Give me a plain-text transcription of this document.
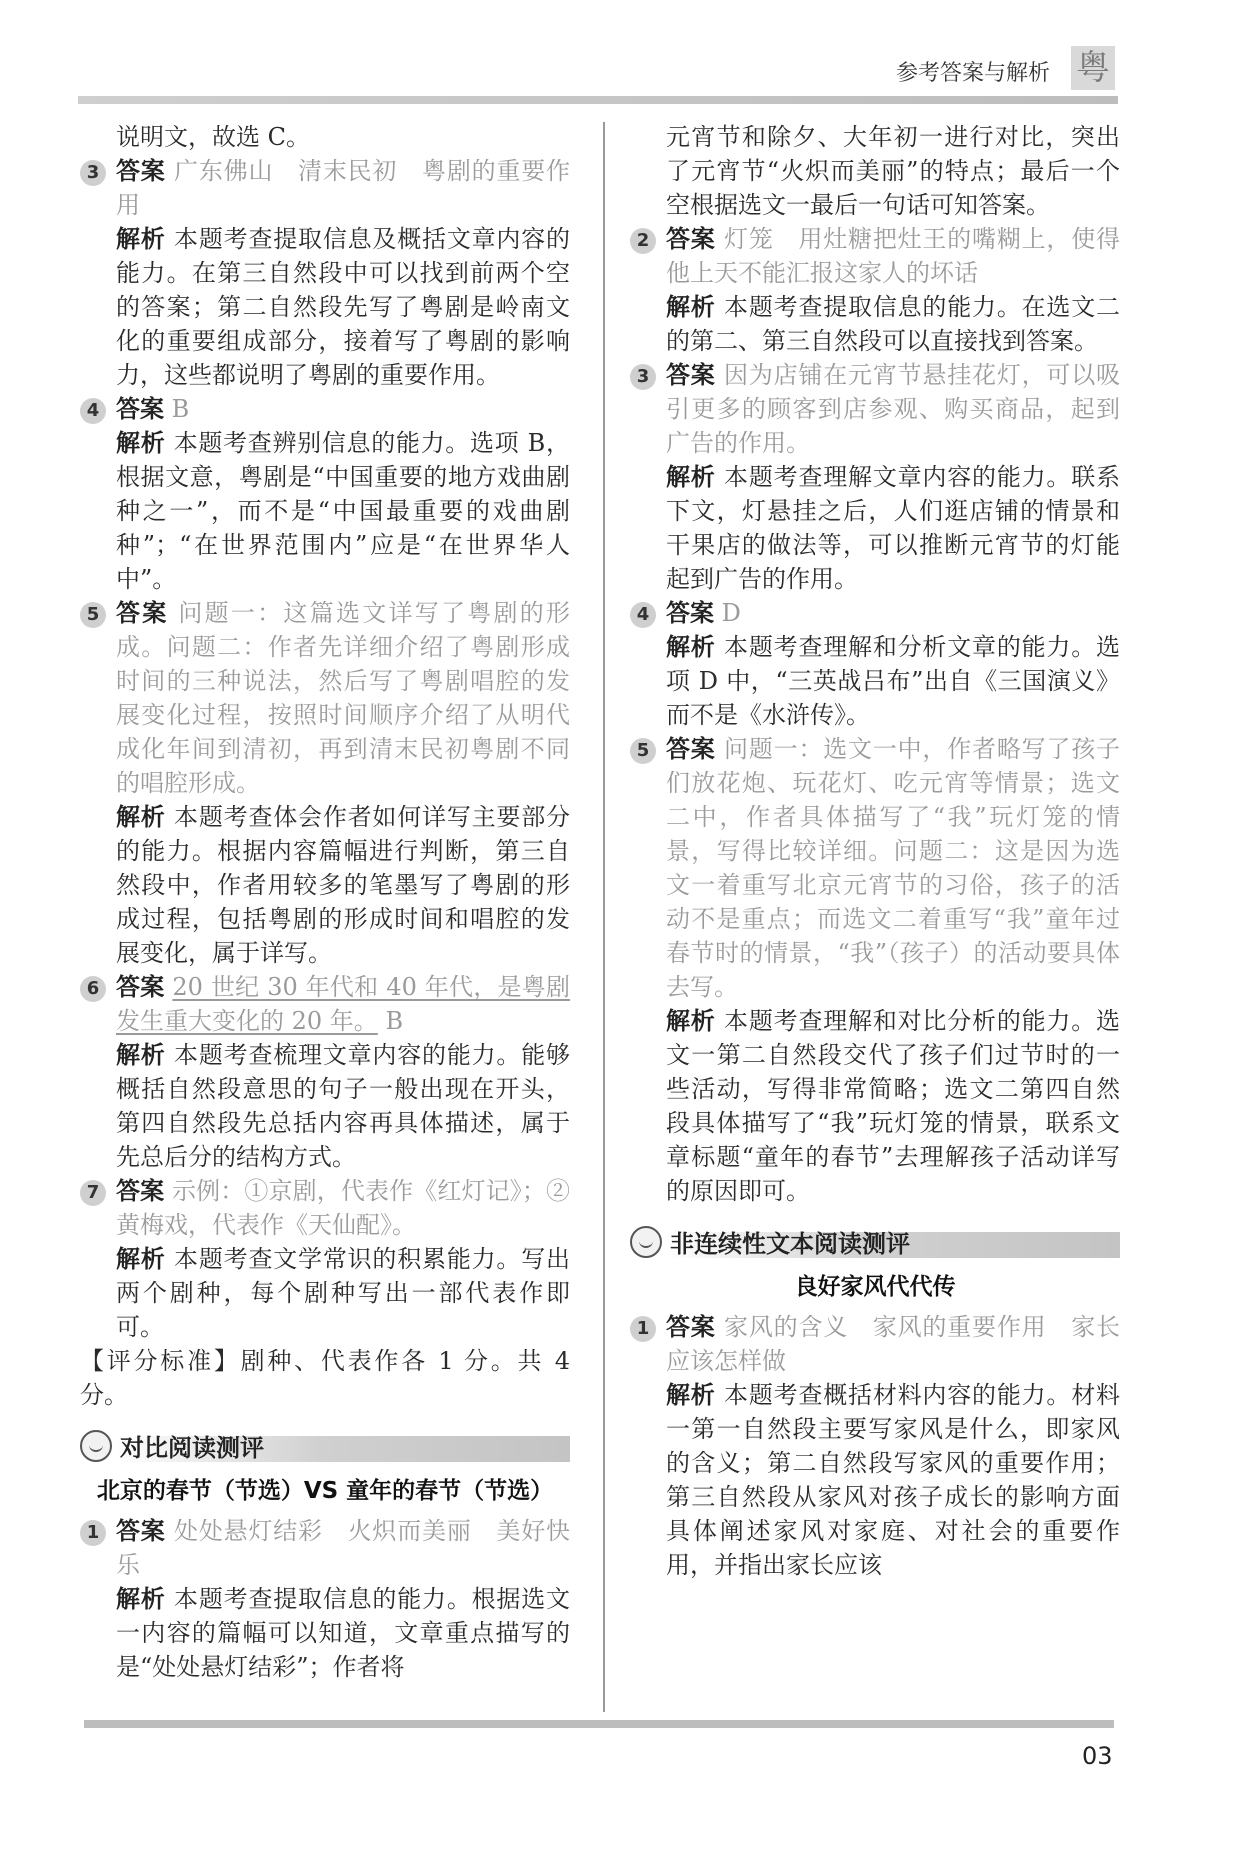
参考答案与解析 粤
说明文，故选 C。
3 答案 广东佛山　清末民初　粤剧的重要作用
解析 本题考查提取信息及概括文章内容的能力。在第三自然段中可以找到前两个空的答案；第二自然段先写了粤剧是岭南文化的重要组成部分，接着写了粤剧的影响力，这些都说明了粤剧的重要作用。
4 答案 B
解析 本题考查辨别信息的能力。选项 B，根据文意，粤剧是“中国重要的地方戏曲剧种之一”，而不是“中国最重要的戏曲剧种”；“在世界范围内”应是“在世界华人中”。
5 答案 问题一：这篇选文详写了粤剧的形成。问题二：作者先详细介绍了粤剧形成时间的三种说法，然后写了粤剧唱腔的发展变化过程，按照时间顺序介绍了从明代成化年间到清初，再到清末民初粤剧不同的唱腔形成。
解析 本题考查体会作者如何详写主要部分的能力。根据内容篇幅进行判断，第三自然段中，作者用较多的笔墨写了粤剧的形成过程，包括粤剧的形成时间和唱腔的发展变化，属于详写。
6 答案 20 世纪 30 年代和 40 年代，是粤剧发生重大变化的 20 年。 B
解析 本题考查梳理文章内容的能力。能够概括自然段意思的句子一般出现在开头，第四自然段先总括内容再具体描述，属于先总后分的结构方式。
7 答案 示例：①京剧，代表作《红灯记》；②黄梅戏，代表作《天仙配》。
解析 本题考查文学常识的积累能力。写出两个剧种，每个剧种写出一部代表作即可。
【评分标准】剧种、代表作各 1 分。共 4 分。
对比阅读测评
北京的春节（节选）VS 童年的春节（节选）
1 答案 处处悬灯结彩　火炽而美丽　美好快乐
解析 本题考查提取信息的能力。根据选文一内容的篇幅可以知道，文章重点描写的是“处处悬灯结彩”；作者将
元宵节和除夕、大年初一进行对比，突出了元宵节“火炽而美丽”的特点；最后一个空根据选文一最后一句话可知答案。
2 答案 灯笼　用灶糖把灶王的嘴糊上，使得他上天不能汇报这家人的坏话
解析 本题考查提取信息的能力。在选文二的第二、第三自然段可以直接找到答案。
3 答案 因为店铺在元宵节悬挂花灯，可以吸引更多的顾客到店参观、购买商品，起到广告的作用。
解析 本题考查理解文章内容的能力。联系下文，灯悬挂之后，人们逛店铺的情景和干果店的做法等，可以推断元宵节的灯能起到广告的作用。
4 答案 D
解析 本题考查理解和分析文章的能力。选项 D 中，“三英战吕布”出自《三国演义》而不是《水浒传》。
5 答案 问题一：选文一中，作者略写了孩子们放花炮、玩花灯、吃元宵等情景；选文二中，作者具体描写了“我”玩灯笼的情景，写得比较详细。问题二：这是因为选文一着重写北京元宵节的习俗，孩子的活动不是重点；而选文二着重写“我”童年过春节时的情景，“我”（孩子）的活动要具体去写。
解析 本题考查理解和对比分析的能力。选文一第二自然段交代了孩子们过节时的一些活动，写得非常简略；选文二第四自然段具体描写了“我”玩灯笼的情景，联系文章标题“童年的春节”去理解孩子活动详写的原因即可。
非连续性文本阅读测评
良好家风代代传
1 答案 家风的含义　家风的重要作用　家长应该怎样做
解析 本题考查概括材料内容的能力。材料一第一自然段主要写家风是什么，即家风的含义；第二自然段写家风的重要作用；第三自然段从家风对孩子成长的影响方面具体阐述家风对家庭、对社会的重要作用，并指出家长应该
03
